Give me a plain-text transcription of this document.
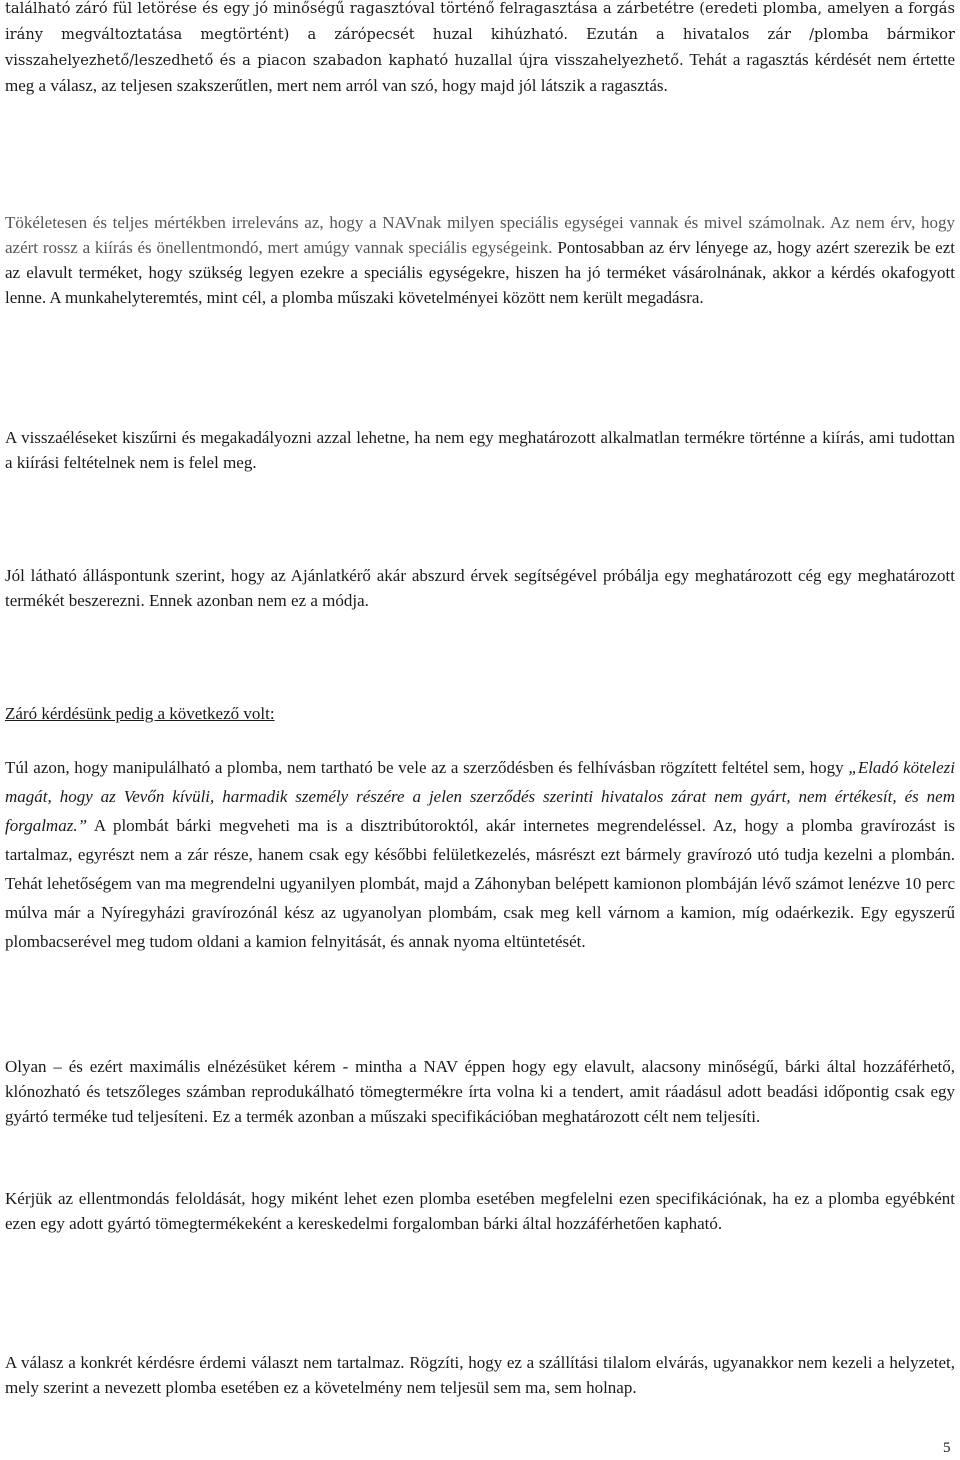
található záró fül letörése és egy jó minőségű ragasztóval történő felragasztása a zárbetétre (eredeti plomba, amelyen a forgás irány megváltoztatása megtörtént) a zárópecsét huzal kihúzható. Ezután a hivatalos zár /plomba bármikor visszahelyezhető/leszedhető és a piacon szabadon kapható huzallal újra visszahelyezhető. Tehát a ragasztás kérdését nem értette meg a válasz, az teljesen szakszerűtlen, mert nem arról van szó, hogy majd jól látszik a ragasztás.

Tökéletesen és teljes mértékben irreleváns az, hogy a NAVnak milyen speciális egységei vannak és mivel számolnak. Az nem érv, hogy azért rossz a kiírás és önellentmondó, mert amúgy vannak speciális egységeink. Pontosabban az érv lényege az, hogy azért szerezik be ezt az elavult terméket, hogy szükség legyen ezekre a speciális egységekre, hiszen ha jó terméket vásárolnának, akkor a kérdés okafogyott lenne. A munkahelyteremtés, mint cél, a plomba műszaki követelményei között nem került megadásra.

A visszaéléseket kiszűrni és megakadályozni azzal lehetne, ha nem egy meghatározott alkalmatlan termékre történne a kiírás, ami tudottan a kiírási feltételnek nem is felel meg.

Jól látható álláspontunk szerint, hogy az Ajánlatkérő akár abszurd érvek segítségével próbálja egy meghatározott cég egy meghatározott termékét beszerezni. Ennek azonban nem ez a módja.

Záró kérdésünk pedig a következő volt:

Túl azon, hogy manipulálható a plomba, nem tartható be vele az a szerződésben és felhívásban rögzített feltétel sem, hogy „Eladó kötelezi magát, hogy az Vevőn kívüli, harmadik személy részére a jelen szerződés szerinti hivatalos zárat nem gyárt, nem értékesít, és nem forgalmaz.” A plombát bárki megveheti ma is a disztribútoroktól, akár internetes megrendeléssel. Az, hogy a plomba gravírozást is tartalmaz, egyrészt nem a zár része, hanem csak egy későbbi felületkezelés, másrészt ezt bármely gravírozó utó tudja kezelni a plombán. Tehát lehetőségem van ma megrendelni ugyanilyen plombát, majd a Záhonyban belépett kamionon plombáján lévő számot lenézve 10 perc múlva már a Nyíregyházi gravírozónál kész az ugyanolyan plombám, csak meg kell várnom a kamion, míg odaérkezik. Egy egyszerű plombacserével meg tudom oldani a kamion felnyitását, és annak nyoma eltüntetését.

Olyan – és ezért maximális elnézésüket kérem - mintha a NAV éppen hogy egy elavult, alacsony minőségű, bárki által hozzáférhető, klónozható és tetszőleges számban reprodukálható tömegtermékre írta volna ki a tendert, amit ráadásul adott beadási időpontig csak egy gyártó terméke tud teljesíteni. Ez a termék azonban a műszaki specifikációban meghatározott célt nem teljesíti.

Kérjük az ellentmondás feloldását, hogy miként lehet ezen plomba esetében megfelelni ezen specifikációnak, ha ez a plomba egyébként ezen egy adott gyártó tömegtermékeként a kereskedelmi forgalomban bárki által hozzáférhetően kapható.

A válasz a konkrét kérdésre érdemi választ nem tartalmaz. Rögzíti, hogy ez a szállítási tilalom elvárás, ugyanakkor nem kezeli a helyzetet, mely szerint a nevezett plomba esetében ez a követelmény nem teljesül sem ma, sem holnap.

5
